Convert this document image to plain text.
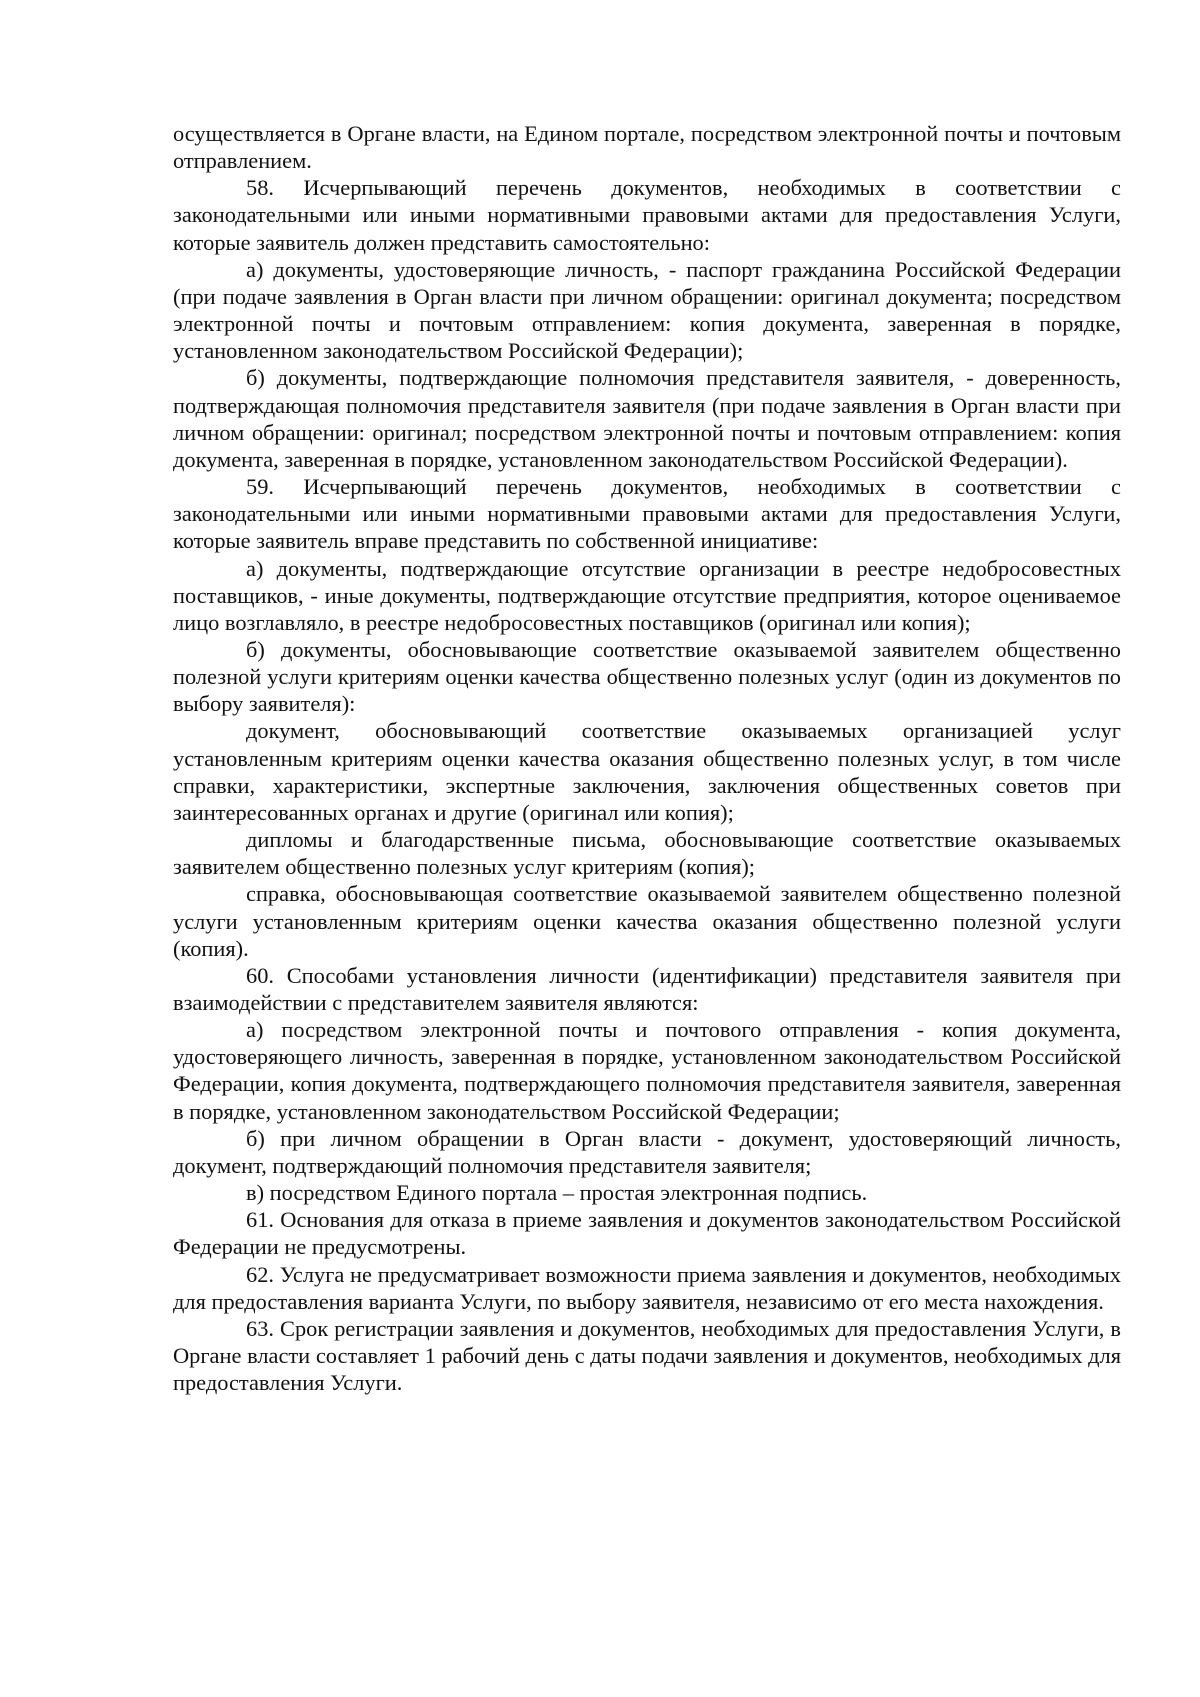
осуществляется в Органе власти, на Едином портале, посредством электронной почты и почтовым отправлением.

58. Исчерпывающий перечень документов, необходимых в соответствии с законодательными или иными нормативными правовыми актами для предоставления Услуги, которые заявитель должен представить самостоятельно:

а) документы, удостоверяющие личность, - паспорт гражданина Российской Федерации (при подаче заявления в Орган власти при личном обращении: оригинал документа; посредством электронной почты и почтовым отправлением: копия документа, заверенная в порядке, установленном законодательством Российской Федерации);

б) документы, подтверждающие полномочия представителя заявителя, - доверенность, подтверждающая полномочия представителя заявителя (при подаче заявления в Орган власти при личном обращении: оригинал; посредством электронной почты и почтовым отправлением: копия документа, заверенная в порядке, установленном законодательством Российской Федерации).

59. Исчерпывающий перечень документов, необходимых в соответствии с законодательными или иными нормативными правовыми актами для предоставления Услуги, которые заявитель вправе представить по собственной инициативе:

а) документы, подтверждающие отсутствие организации в реестре недобросовестных поставщиков, - иные документы, подтверждающие отсутствие предприятия, которое оцениваемое лицо возглавляло, в реестре недобросовестных поставщиков (оригинал или копия);

б) документы, обосновывающие соответствие оказываемой заявителем общественно полезной услуги критериям оценки качества общественно полезных услуг (один из документов по выбору заявителя):

документ, обосновывающий соответствие оказываемых организацией услуг установленным критериям оценки качества оказания общественно полезных услуг, в том числе справки, характеристики, экспертные заключения, заключения общественных советов при заинтересованных органах и другие (оригинал или копия);

дипломы и благодарственные письма, обосновывающие соответствие оказываемых заявителем общественно полезных услуг критериям (копия);

справка, обосновывающая соответствие оказываемой заявителем общественно полезной услуги установленным критериям оценки качества оказания общественно полезной услуги (копия).

60. Способами установления личности (идентификации) представителя заявителя при взаимодействии с представителем заявителя являются:

а) посредством электронной почты и почтового отправления - копия документа, удостоверяющего личность, заверенная в порядке, установленном законодательством Российской Федерации, копия документа, подтверждающего полномочия представителя заявителя, заверенная в порядке, установленном законодательством Российской Федерации;

б) при личном обращении в Орган власти - документ, удостоверяющий личность, документ, подтверждающий полномочия представителя заявителя;

в) посредством Единого портала – простая электронная подпись.

61. Основания для отказа в приеме заявления и документов законодательством Российской Федерации не предусмотрены.

62. Услуга не предусматривает возможности приема заявления и документов, необходимых для предоставления варианта Услуги, по выбору заявителя, независимо от его места нахождения.

63. Срок регистрации заявления и документов, необходимых для предоставления Услуги, в Органе власти составляет 1 рабочий день с даты подачи заявления и документов, необходимых для предоставления Услуги.
